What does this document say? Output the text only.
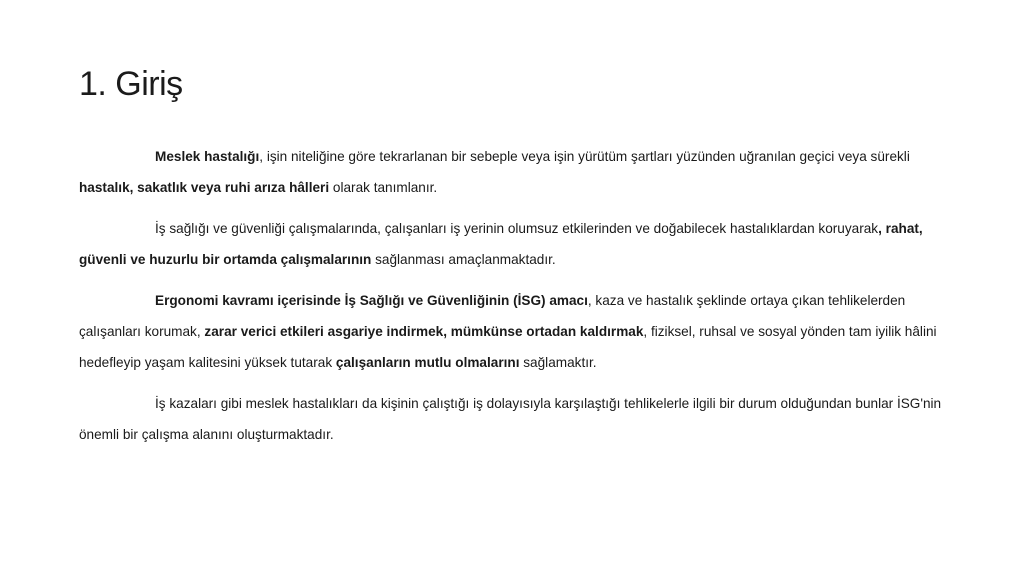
1. Giriş

Meslek hastalığı, işin niteliğine göre tekrarlanan bir sebeple veya işin yürütüm şartları yüzünden uğranılan geçici veya sürekli hastalık, sakatlık veya ruhi arıza hâlleri olarak tanımlanır.

İş sağlığı ve güvenliği çalışmalarında, çalışanları iş yerinin olumsuz etkilerinden ve doğabilecek hastalıklardan koruyarak, rahat, güvenli ve huzurlu bir ortamda çalışmalarının sağlanması amaçlanmaktadır.

Ergonomi kavramı içerisinde İş Sağlığı ve Güvenliğinin (İSG) amacı, kaza ve hastalık şeklinde ortaya çıkan tehlikelerden çalışanları korumak, zarar verici etkileri asgariye indirmek, mümkünse ortadan kaldırmak, fiziksel, ruhsal ve sosyal yönden tam iyilik hâlini hedefleyip yaşam kalitesini yüksek tutarak çalışanların mutlu olmalarını sağlamaktır.

İş kazaları gibi meslek hastalıkları da kişinin çalıştığı iş dolayısıyla karşılaştığı tehlikelerle ilgili bir durum olduğundan bunlar İSG'nin önemli bir çalışma alanını oluşturmaktadır.
